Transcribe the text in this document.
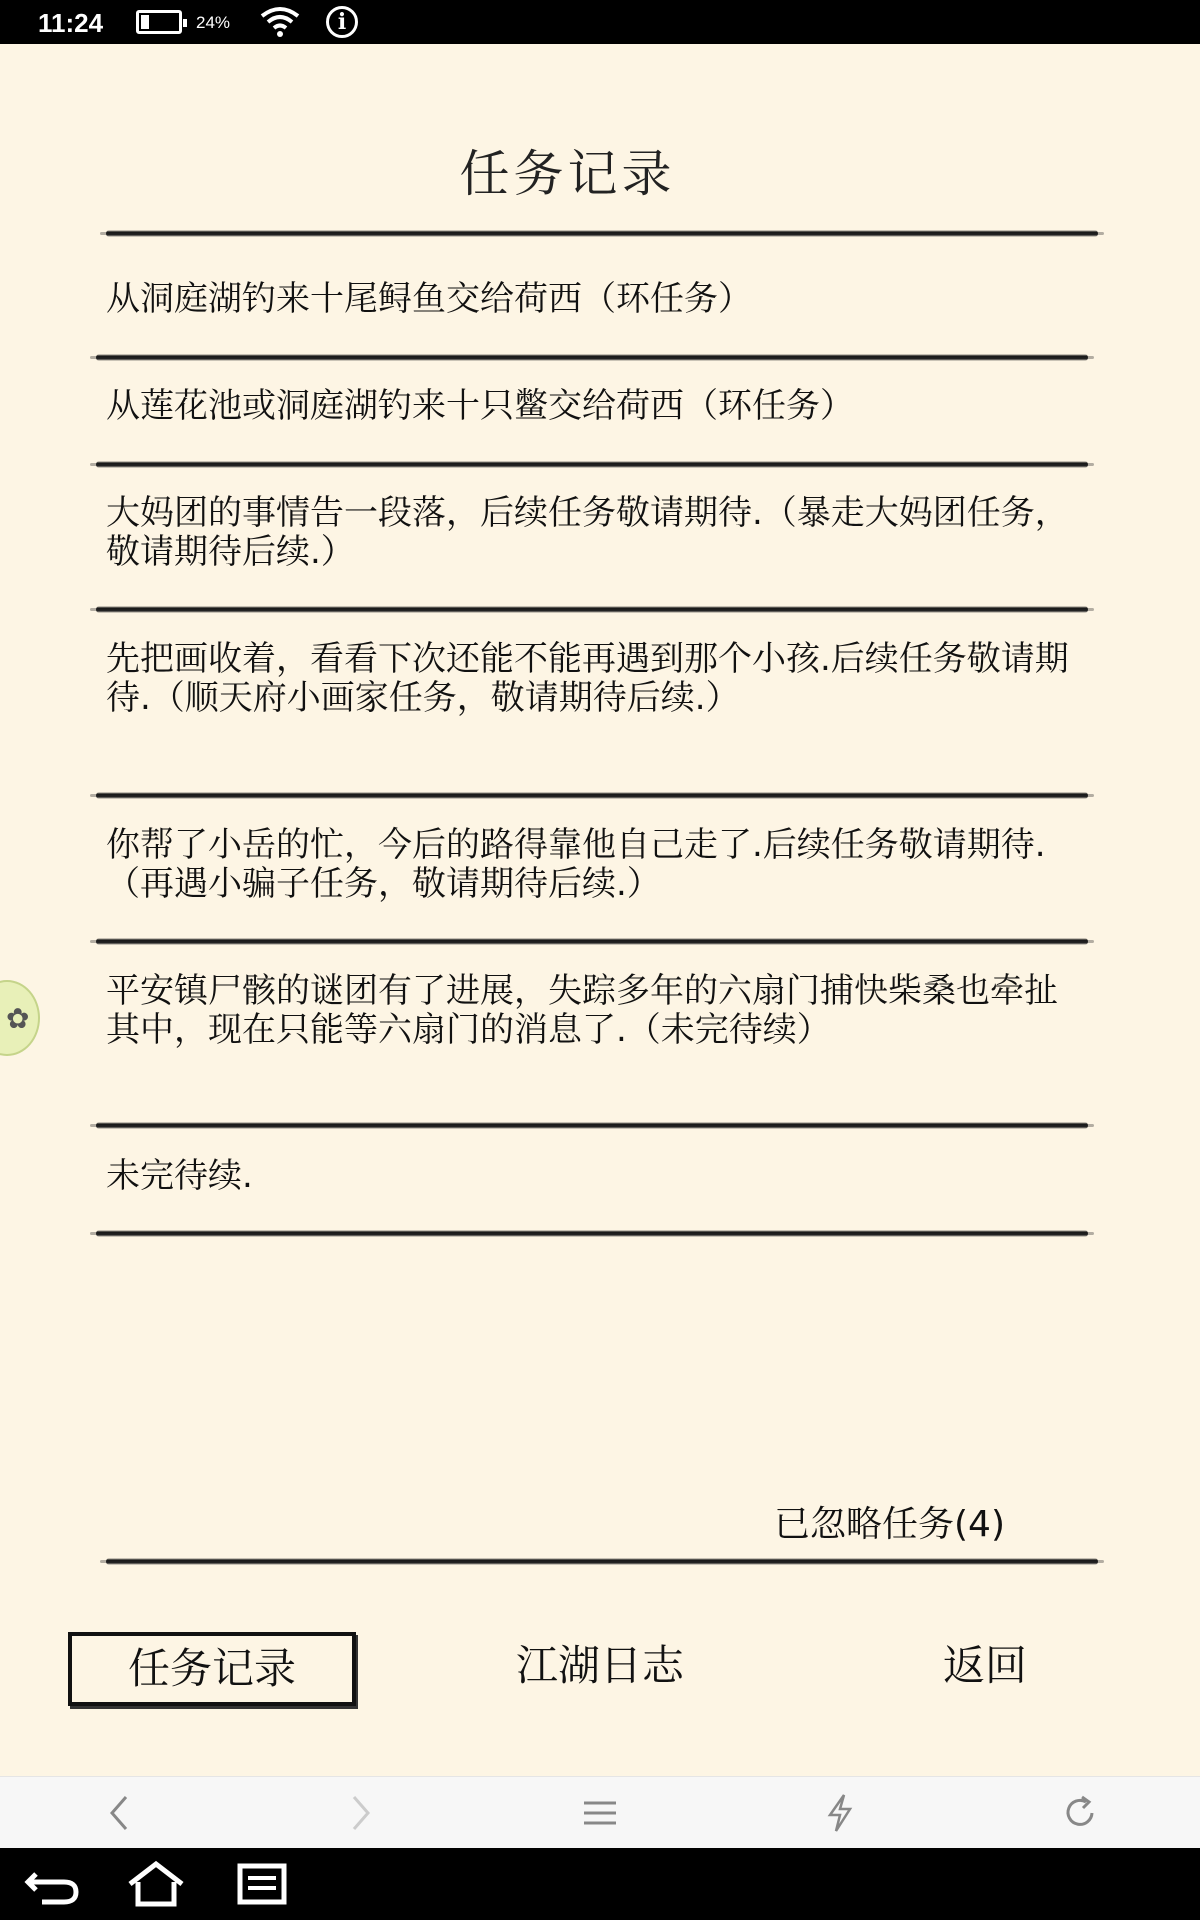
11:24	24%	i
任务记录
从洞庭湖钓来十尾鲟鱼交给荷西（环任务）
从莲花池或洞庭湖钓来十只鳖交给荷西（环任务）
大妈团的事情告一段落，后续任务敬请期待.（暴走大妈团任务，敬请期待后续.）
先把画收着，看看下次还能不能再遇到那个小孩.后续任务敬请期待.（顺天府小画家任务，敬请期待后续.）
你帮了小岳的忙，今后的路得靠他自己走了.后续任务敬请期待.（再遇小骗子任务，敬请期待后续.）
平安镇尸骸的谜团有了进展，失踪多年的六扇门捕快柴桑也牵扯其中，现在只能等六扇门的消息了.（未完待续）
未完待续.
已忽略任务(4)
任务记录	江湖日志	返回
✿
